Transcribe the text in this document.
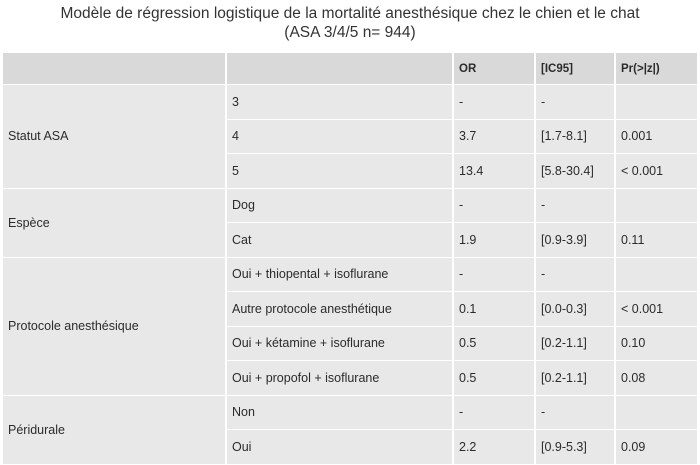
Modèle de régression logistique de la mortalité anesthésique chez le chien et le chat
(ASA 3/4/5 n= 944)
		OR	[IC95]	Pr(>|z|)
Statut ASA	3	-	-	
	4	3.7	[1.7-8.1]	0.001
	5	13.4	[5.8-30.4]	< 0.001
Espèce	Dog	-	-	
	Cat	1.9	[0.9-3.9]	0.11
Protocole anesthésique	Oui + thiopental + isoflurane	-	-	
	Autre protocole anesthétique	0.1	[0.0-0.3]	< 0.001
	Oui + kétamine + isoflurane	0.5	[0.2-1.1]	0.10
	Oui + propofol + isoflurane	0.5	[0.2-1.1]	0.08
Péridurale	Non	-	-	
	Oui	2.2	[0.9-5.3]	0.09
